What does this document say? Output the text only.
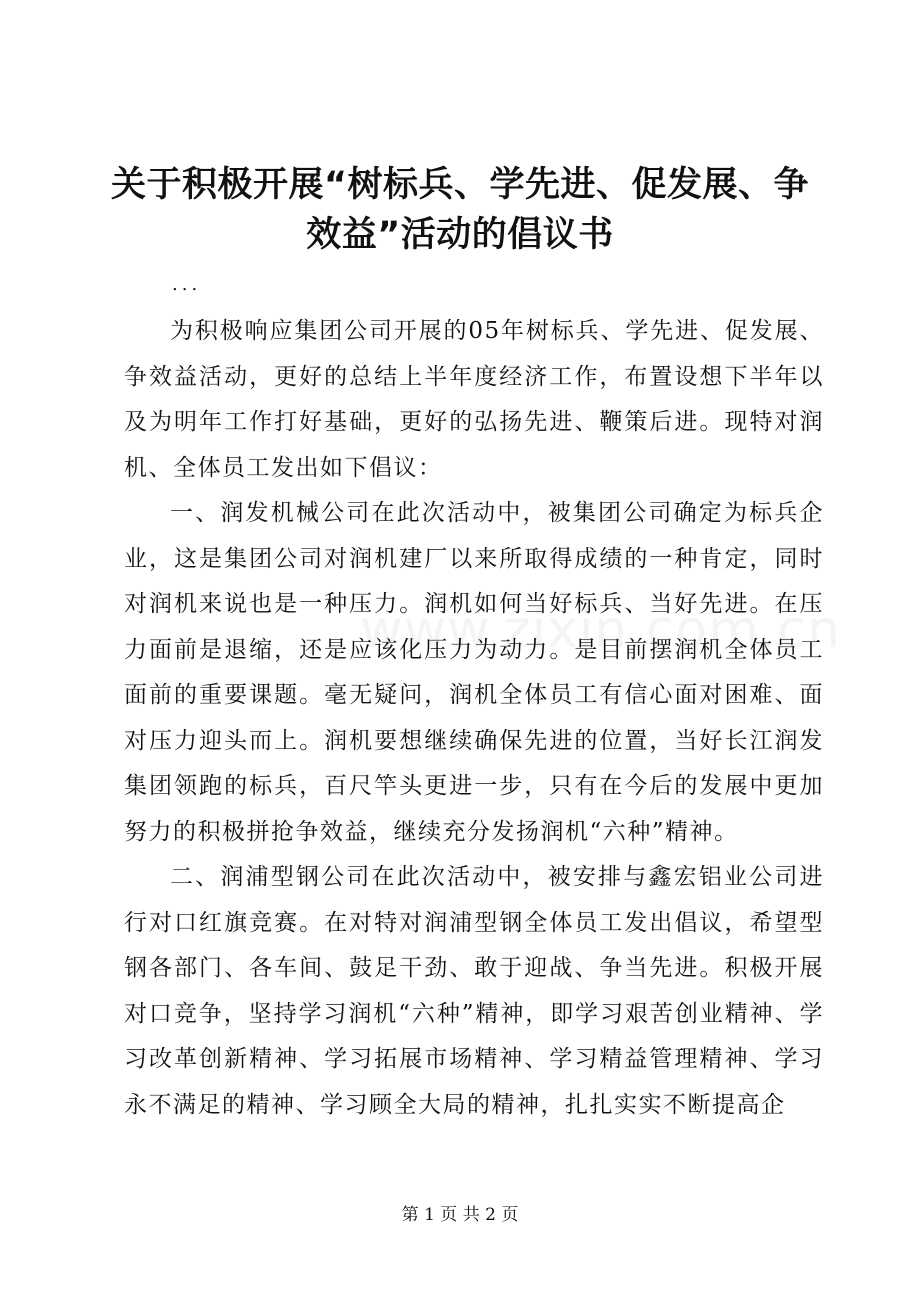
关于积极开展“树标兵、学先进、促发展、争效益”活动的倡议书
...

为积极响应集团公司开展的05年树标兵、学先进、促发展、争效益活动，更好的总结上半年度经济工作，布置设想下半年以及为明年工作打好基础，更好的弘扬先进、鞭策后进。现特对润机、全体员工发出如下倡议：

一、润发机械公司在此次活动中，被集团公司确定为标兵企业，这是集团公司对润机建厂以来所取得成绩的一种肯定，同时对润机来说也是一种压力。润机如何当好标兵、当好先进。在压力面前是退缩，还是应该化压力为动力。是目前摆润机全体员工面前的重要课题。毫无疑问，润机全体员工有信心面对困难、面对压力迎头而上。润机要想继续确保先进的位置，当好长江润发集团领跑的标兵，百尺竿头更进一步，只有在今后的发展中更加努力的积极拼抢争效益，继续充分发扬润机“六种”精神。

二、润浦型钢公司在此次活动中，被安排与鑫宏铝业公司进行对口红旗竞赛。在对特对润浦型钢全体员工发出倡议，希望型钢各部门、各车间、鼓足干劲、敢于迎战、争当先进。积极开展对口竞争，坚持学习润机“六种”精神，即学习艰苦创业精神、学习改革创新精神、学习拓展市场精神、学习精益管理精神、学习永不满足的精神、学习顾全大局的精神，扎扎实实不断提高企

第 1 页 共 2 页
